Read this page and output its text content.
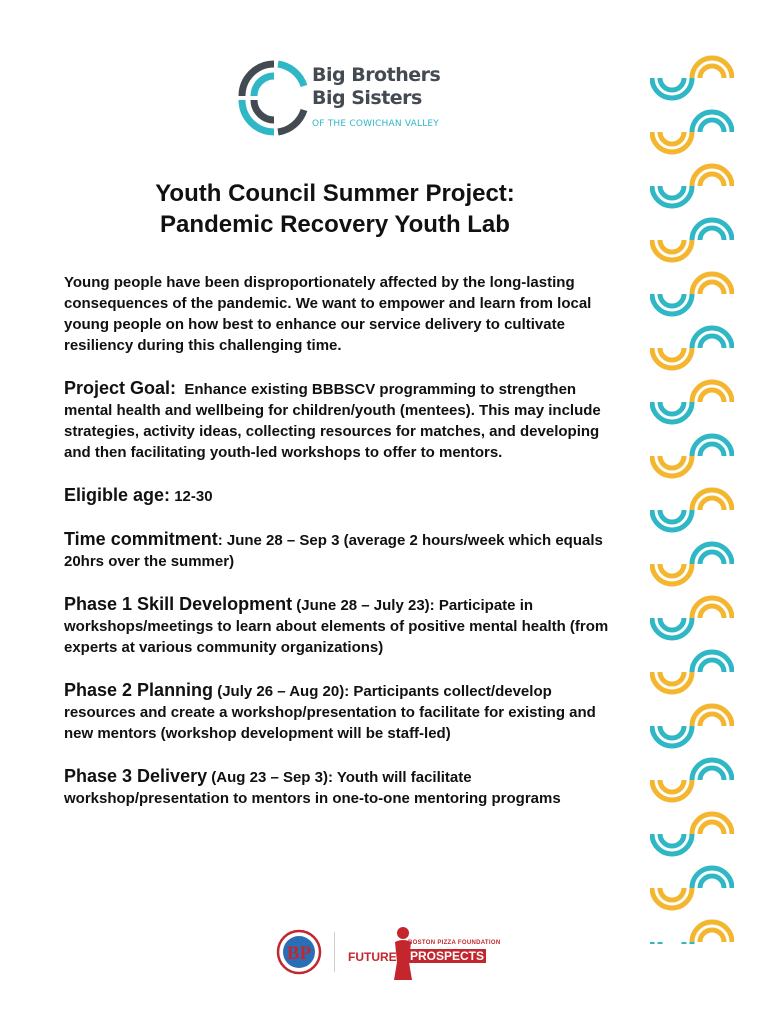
Big Brothers
Big Sisters
OF THE COWICHAN VALLEY
Youth Council Summer Project:
Pandemic Recovery Youth Lab

Young people have been disproportionately affected by the long-lasting consequences of the pandemic. We want to empower and learn from local young people on how best to enhance our service delivery to cultivate resiliency during this challenging time.

Project Goal: Enhance existing BBBSCV programming to strengthen mental health and wellbeing for children/youth (mentees). This may include strategies, activity ideas, collecting resources for matches, and developing and then facilitating youth-led workshops to offer to mentors.

Eligible age: 12-30

Time commitment: June 28 – Sep 3 (average 2 hours/week which equals 20hrs over the summer)

Phase 1 Skill Development (June 28 – July 23): Participate in workshops/meetings to learn about elements of positive mental health (from experts at various community organizations)

Phase 2 Planning (July 26 – Aug 20): Participants collect/develop resources and create a workshop/presentation to facilitate for existing and new mentors (workshop development will be staff-led)

Phase 3 Delivery (Aug 23 – Sep 3): Youth will facilitate workshop/presentation to mentors in one-to-one mentoring programs

BP	BOSTON PIZZA FOUNDATION
FUTURE PROSPECTS
